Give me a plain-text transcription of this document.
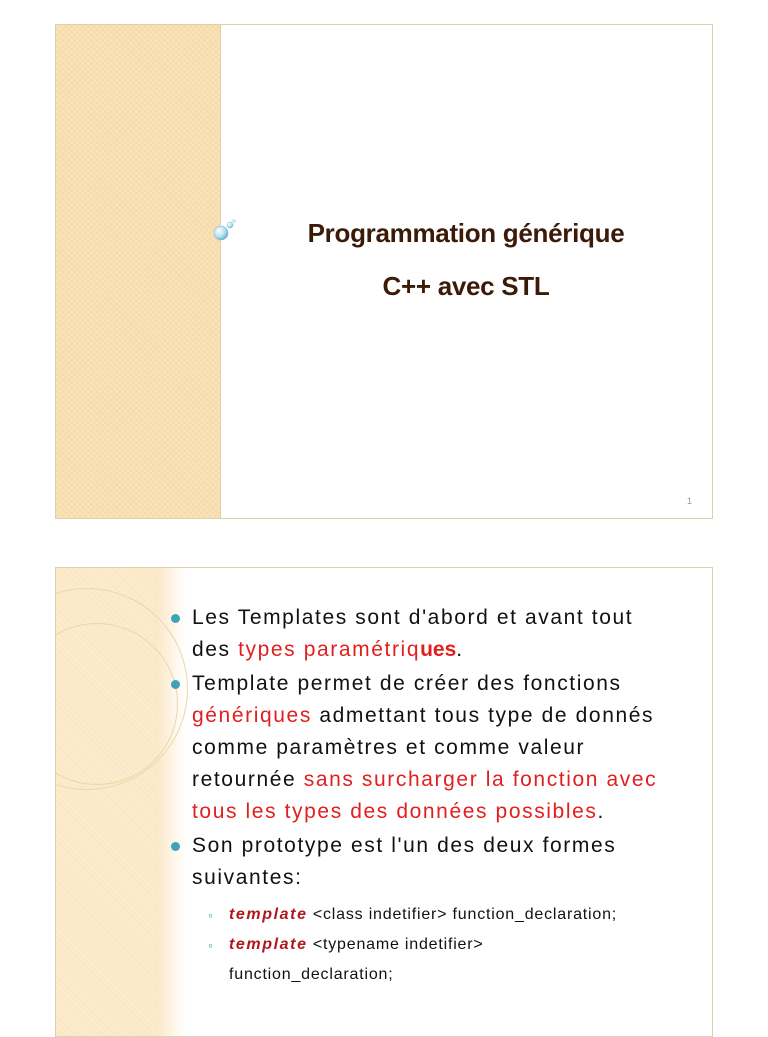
Programmation générique
C++ avec STL
1
Les Templates sont d'abord et avant tout
des types paramétriques.
Template permet de créer des fonctions
génériques admettant tous type de donnés
comme paramètres et comme valeur
retournée sans surcharger la fonction avec
tous les types des données possibles.
Son prototype est l'un des deux formes
suivantes:
◦ template <class indetifier> function_declaration;
◦ template <typename indetifier>
function_declaration;
